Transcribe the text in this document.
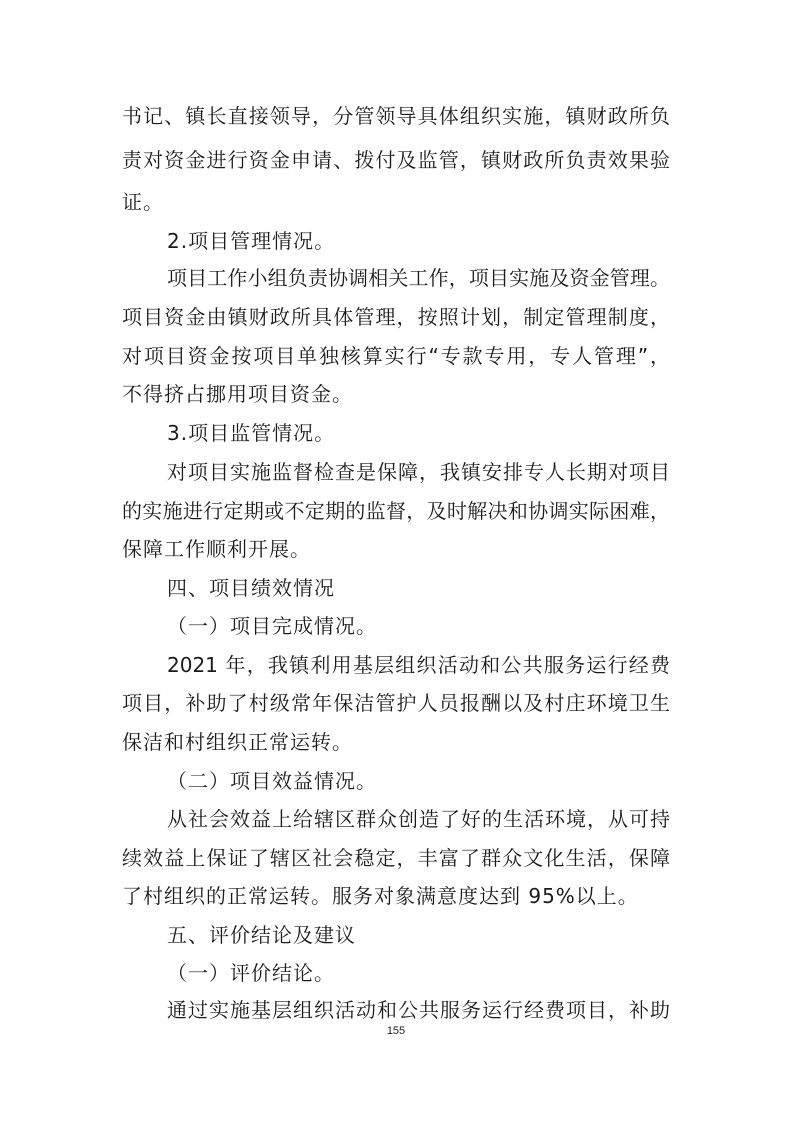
书记、镇长直接领导，分管领导具体组织实施，镇财政所负
责对资金进行资金申请、拨付及监管，镇财政所负责效果验
证。
2.项目管理情况。
项目工作小组负责协调相关工作，项目实施及资金管理。
项目资金由镇财政所具体管理，按照计划，制定管理制度，
对项目资金按项目单独核算实行“专款专用，专人管理”，
不得挤占挪用项目资金。
3.项目监管情况。
对项目实施监督检查是保障，我镇安排专人长期对项目
的实施进行定期或不定期的监督，及时解决和协调实际困难，
保障工作顺利开展。
四、项目绩效情况
（一）项目完成情况。
2021 年，我镇利用基层组织活动和公共服务运行经费
项目，补助了村级常年保洁管护人员报酬以及村庄环境卫生
保洁和村组织正常运转。
（二）项目效益情况。
从社会效益上给辖区群众创造了好的生活环境，从可持
续效益上保证了辖区社会稳定，丰富了群众文化生活，保障
了村组织的正常运转。服务对象满意度达到 95%以上。
五、评价结论及建议
（一）评价结论。
通过实施基层组织活动和公共服务运行经费项目，补助
155
